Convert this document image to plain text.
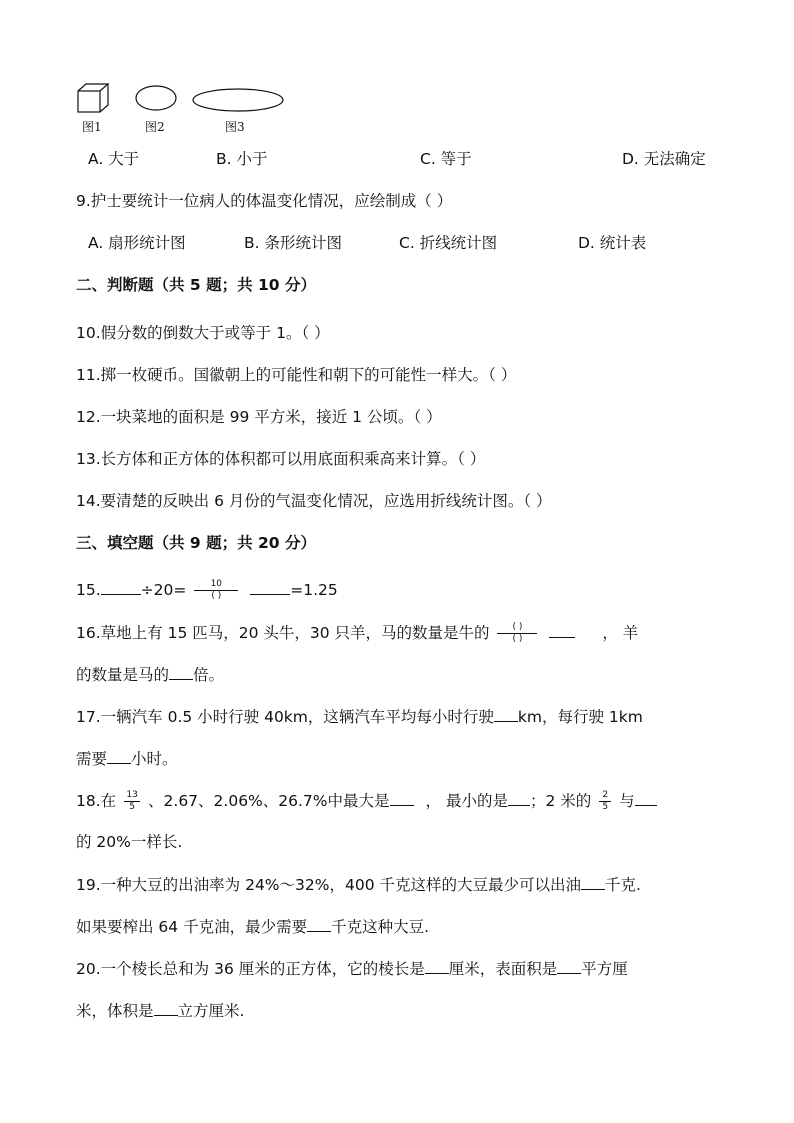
图1	图2	图3
A. 大于	B. 小于	C. 等于	D. 无法确定
9.护士要统计一位病人的体温变化情况，应绘制成（ ）
A. 扇形统计图	B. 条形统计图	C. 折线统计图	D. 统计表
二、判断题（共 5 题；共 10 分）
10.假分数的倒数大于或等于 1。（ ）
11.掷一枚硬币。国徽朝上的可能性和朝下的可能性一样大。（ ）
12.一块菜地的面积是 99 平方米，接近 1 公顷。（ ）
13.长方体和正方体的体积都可以用底面积乘高来计算。（ ）
14.要清楚的反映出 6 月份的气温变化情况，应选用折线统计图。（ ）
三、填空题（共 9 题；共 20 分）
15.	$\div 20= \frac{10}{( )}$	=1.25
16.草地上有 15 匹马，20 头牛，30 只羊，马的数量是牛的 $\frac{( )}{( )}$	， 羊
的数量是马的 倍。
17.一辆汽车 0.5 小时行驶 40km，这辆汽车平均每小时行驶 km，每行驶 1km
需要 小时。
18.在 $\frac{13}{5}$ 、2.67、2.06%、26.7%中最大是 ， 最小的是 ；2 米的 $\frac{2}{5}$ 与
的 20%一样长.
19.一种大豆的出油率为 24%～32%，400 千克这样的大豆最少可以出油 千克.
如果要榨出 64 千克油，最少需要 千克这种大豆.
20.一个棱长总和为 36 厘米的正方体，它的棱长是 厘米，表面积是 平方厘
米，体积是 立方厘米.
